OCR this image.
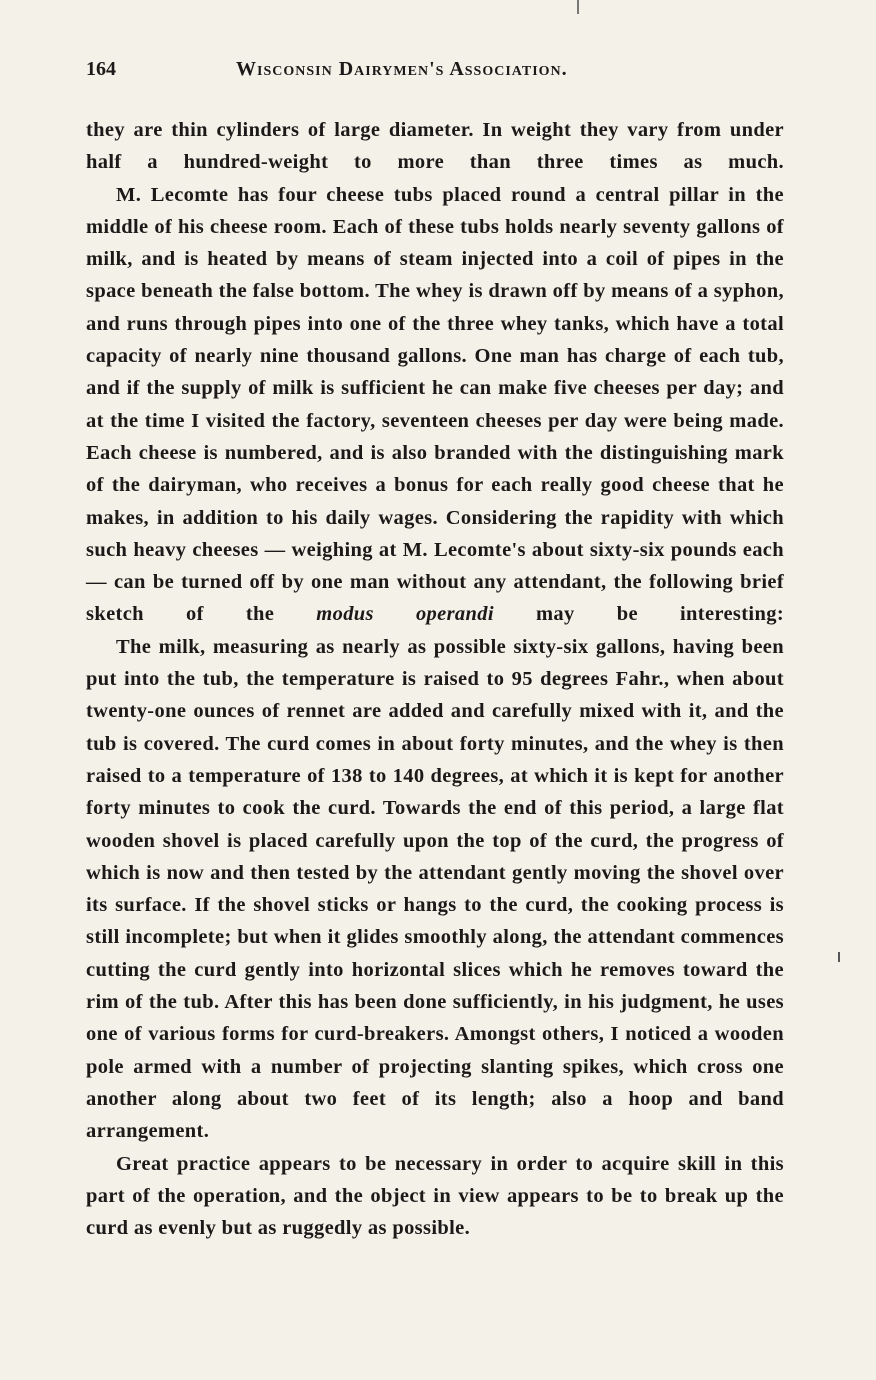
164	Wisconsin Dairymen's Association.

they are thin cylinders of large diameter. In weight they vary from under half a hundred-weight to more than three times as much.

M. Lecomte has four cheese tubs placed round a central pillar in the middle of his cheese room. Each of these tubs holds nearly seventy gallons of milk, and is heated by means of steam injected into a coil of pipes in the space beneath the false bottom. The whey is drawn off by means of a syphon, and runs through pipes into one of the three whey tanks, which have a total capacity of nearly nine thousand gallons. One man has charge of each tub, and if the supply of milk is sufficient he can make five cheeses per day; and at the time I visited the factory, seventeen cheeses per day were being made. Each cheese is numbered, and is also branded with the distinguishing mark of the dairyman, who receives a bonus for each really good cheese that he makes, in addition to his daily wages. Considering the rapidity with which such heavy cheeses — weighing at M. Lecomte's about sixty-six pounds each — can be turned off by one man without any attendant, the following brief sketch of the modus operandi may be interesting:

The milk, measuring as nearly as possible sixty-six gallons, having been put into the tub, the temperature is raised to 95 degrees Fahr., when about twenty-one ounces of rennet are added and carefully mixed with it, and the tub is covered. The curd comes in about forty minutes, and the whey is then raised to a temperature of 138 to 140 degrees, at which it is kept for another forty minutes to cook the curd. Towards the end of this period, a large flat wooden shovel is placed carefully upon the top of the curd, the progress of which is now and then tested by the attendant gently moving the shovel over its surface. If the shovel sticks or hangs to the curd, the cooking process is still incomplete; but when it glides smoothly along, the attendant commences cutting the curd gently into horizontal slices which he removes toward the rim of the tub. After this has been done sufficiently, in his judgment, he uses one of various forms for curd-breakers. Amongst others, I noticed a wooden pole armed with a number of projecting slanting spikes, which cross one another along about two feet of its length; also a hoop and band arrangement.

Great practice appears to be necessary in order to acquire skill in this part of the operation, and the object in view appears to be to break up the curd as evenly but as ruggedly as possible.
